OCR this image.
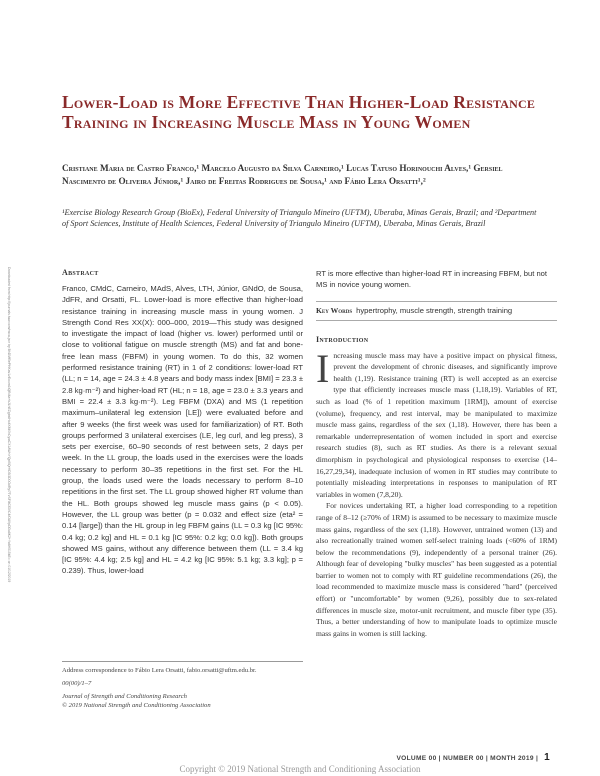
Lower-Load is More Effective Than Higher-Load Resistance Training in Increasing Muscle Mass in Young Women
Cristiane Maria de Castro Franco,¹ Marcelo Augusto da Silva Carneiro,¹ Lucas Tatuso Horinouchi Alves,¹ Gersiel Nascimento de Oliveira Júnior,¹ Jairo de Freitas Rodrigues de Sousa,¹ and Fábio Lera Orsatti¹,²
¹Exercise Biology Research Group (BioEx), Federal University of Triangulo Mineiro (UFTM), Uberaba, Minas Gerais, Brazil; and ²Department of Sport Sciences, Institute of Health Sciences, Federal University of Triangulo Mineiro (UFTM), Uberaba, Minas Gerais, Brazil
Downloaded from http://journals.lww.com/nsca-jscr by BhDMf5ePHKav1zEoum1tQfN4a+kJLhEZgbsIHo4XMi0hCywCX1AWnYQp/IlQrHD3i3D0OdRyi7TvSFl4Cf3VC4/OAVpDDa8K2+Ya6H515kE= on 01/12/2019	Abstract
Franco, CMdC, Carneiro, MAdS, Alves, LTH, Júnior, GNdO, de Sousa, JdFR, and Orsatti, FL. Lower-load is more effective than higher-load resistance training in increasing muscle mass in young women. J Strength Cond Res XX(X): 000–000, 2019—This study was designed to investigate the impact of load (higher vs. lower) performed until or close to volitional fatigue on muscle strength (MS) and fat and bone-free lean mass (FBFM) in young women. To do this, 32 women performed resistance training (RT) in 1 of 2 conditions: lower-load RT (LL; n = 14, age = 24.3 ± 4.8 years and body mass index [BMI] = 23.3 ± 2.8 kg·m⁻²) and higher-load RT (HL; n = 18, age = 23.0 ± 3.3 years and BMI = 22.4 ± 3.3 kg·m⁻²). Leg FBFM (DXA) and MS (1 repetition maximum–unilateral leg extension [LE]) were evaluated before and after 9 weeks (the first week was used for familiarization) of RT. Both groups performed 3 unilateral exercises (LE, leg curl, and leg press), 3 sets per exercise, 60–90 seconds of rest between sets, 2 days per week. In the LL group, the loads used in the exercises were the loads necessary to perform 30–35 repetitions in the first set. For the HL group, the loads used were the loads necessary to perform 8–10 repetitions in the first set. The LL group showed higher RT volume than the HL. Both groups showed leg muscle mass gains (p < 0.05). However, the LL group was better (p = 0.032 and effect size (eta² = 0.14 [large]) than the HL group in leg FBFM gains (LL = 0.3 kg [IC 95%: 0.4 kg; 0.2 kg] and HL = 0.1 kg [IC 95%: 0.2 kg; 0.0 kg]). Both groups showed MS gains, without any difference between them (LL = 3.4 kg [IC 95%: 4.4 kg; 2.5 kg] and HL = 4.2 kg [IC 95%: 5.1 kg; 3.3 kg]; p = 0.239). Thus, lower-load
Address correspondence to Fábio Lera Orsatti, fabio.orsatti@uftm.edu.br.
00(00)/1–7
Journal of Strength and Conditioning Research
© 2019 National Strength and Conditioning Association
RT is more effective than higher-load RT in increasing FBFM, but not MS in novice young women.
Key Words hypertrophy, muscle strength, strength training
Introduction

Increasing muscle mass may have a positive impact on physical fitness, prevent the development of chronic diseases, and significantly improve health (1,19). Resistance training (RT) is well accepted as an exercise type that efficiently increases muscle mass (1,18,19). Variables of RT, such as load (% of 1 repetition maximum [1RM]), amount of exercise (volume), frequency, and rest interval, may be manipulated to maximize muscle mass gains, regardless of the sex (1,18). However, there has been a remarkable underrepresentation of women included in sport and exercise research studies (8), such as RT studies. As there is a relevant sexual dimorphism in psychological and physiological responses to exercise (14–16,27,29,34), inadequate inclusion of women in RT studies may contribute to potentially misleading interpretations in responses to manipulation of RT variables in women (7,8,20).

For novices undertaking RT, a higher load corresponding to a repetition range of 8–12 (≥70% of 1RM) is assumed to be necessary to maximize muscle mass gains, regardless of the sex (1,18). However, untrained women (13) and also recreationally trained women self-select training loads (<60% of 1RM) below the recommendations (9), independently of a personal trainer (26). Although fear of developing "bulky muscles" has been suggested as a potential barrier to women not to comply with RT guideline recommendations (26), the load recommended to maximize muscle mass is considered "hard" (perceived effort) or "uncomfortable" by women (9,26), possibly due to sex-related differences in muscle size, motor-unit recruitment, and muscle fiber type (35). Thus, a better understanding of how to manipulate loads to optimize muscle mass gains in women is still lacking.

VOLUME 00 | NUMBER 00 | MONTH 2019 | 1
Copyright © 2019 National Strength and Conditioning Association
